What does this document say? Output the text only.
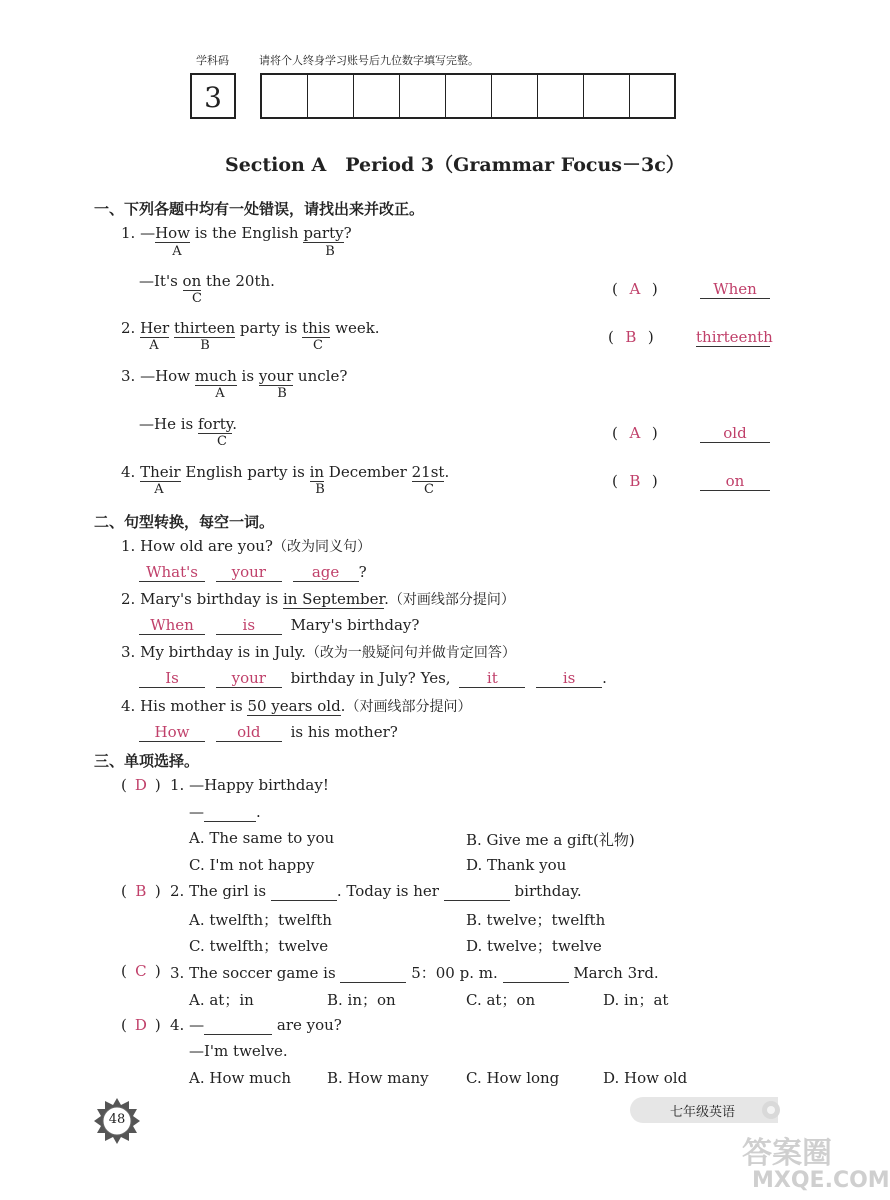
学科码	请将个人终身学习账号后九位数字填写完整。
3
Section A　Period 3（Grammar Focus－3c）
一、下列各题中均有一处错误，请找出来并改正。
1. —How is the English party?
A	B
—It's on the 20th.
C
( A )	When
2. Her thirteen party is this week.
A	B	C	( B )	thirteenth
3. —How much is your uncle?
A	B
—He is forty.
C	( A )	old
4. Their English party is in December 21st.
A	B	C	( B )	on
二、句型转换，每空一词。
1. How old are you?（改为同义句）
What's your	age ?
2. Mary's birthday is in September.（对画线部分提问）
When	is Mary's birthday?
3. My birthday is in July.（改为一般疑问句并做肯定回答）
Is	your birthday in July? Yes, it	is .
4. His mother is 50 years old.（对画线部分提问）
How	old is his mother?
三、单项选择。
( D ) 1. —Happy birthday!
—	.
A. The same to you	B. Give me a gift(礼物)
C. I'm not happy	D. Thank you
( B ) 2. The girl is	. Today is her	birthday.
A. twelfth；twelfth	B. twelve；twelfth
C. twelfth；twelve	D. twelve；twelve
( C ) 3. The soccer game is	5：00 p. m.	March 3rd.
A. at；in	B. in；on	C. at；on	D. in；at
( D ) 4. —	are you?
—I'm twelve.
A. How much B. How many C. How long	D. How old
48	七年级英语
答案圈
MXQE.COM
